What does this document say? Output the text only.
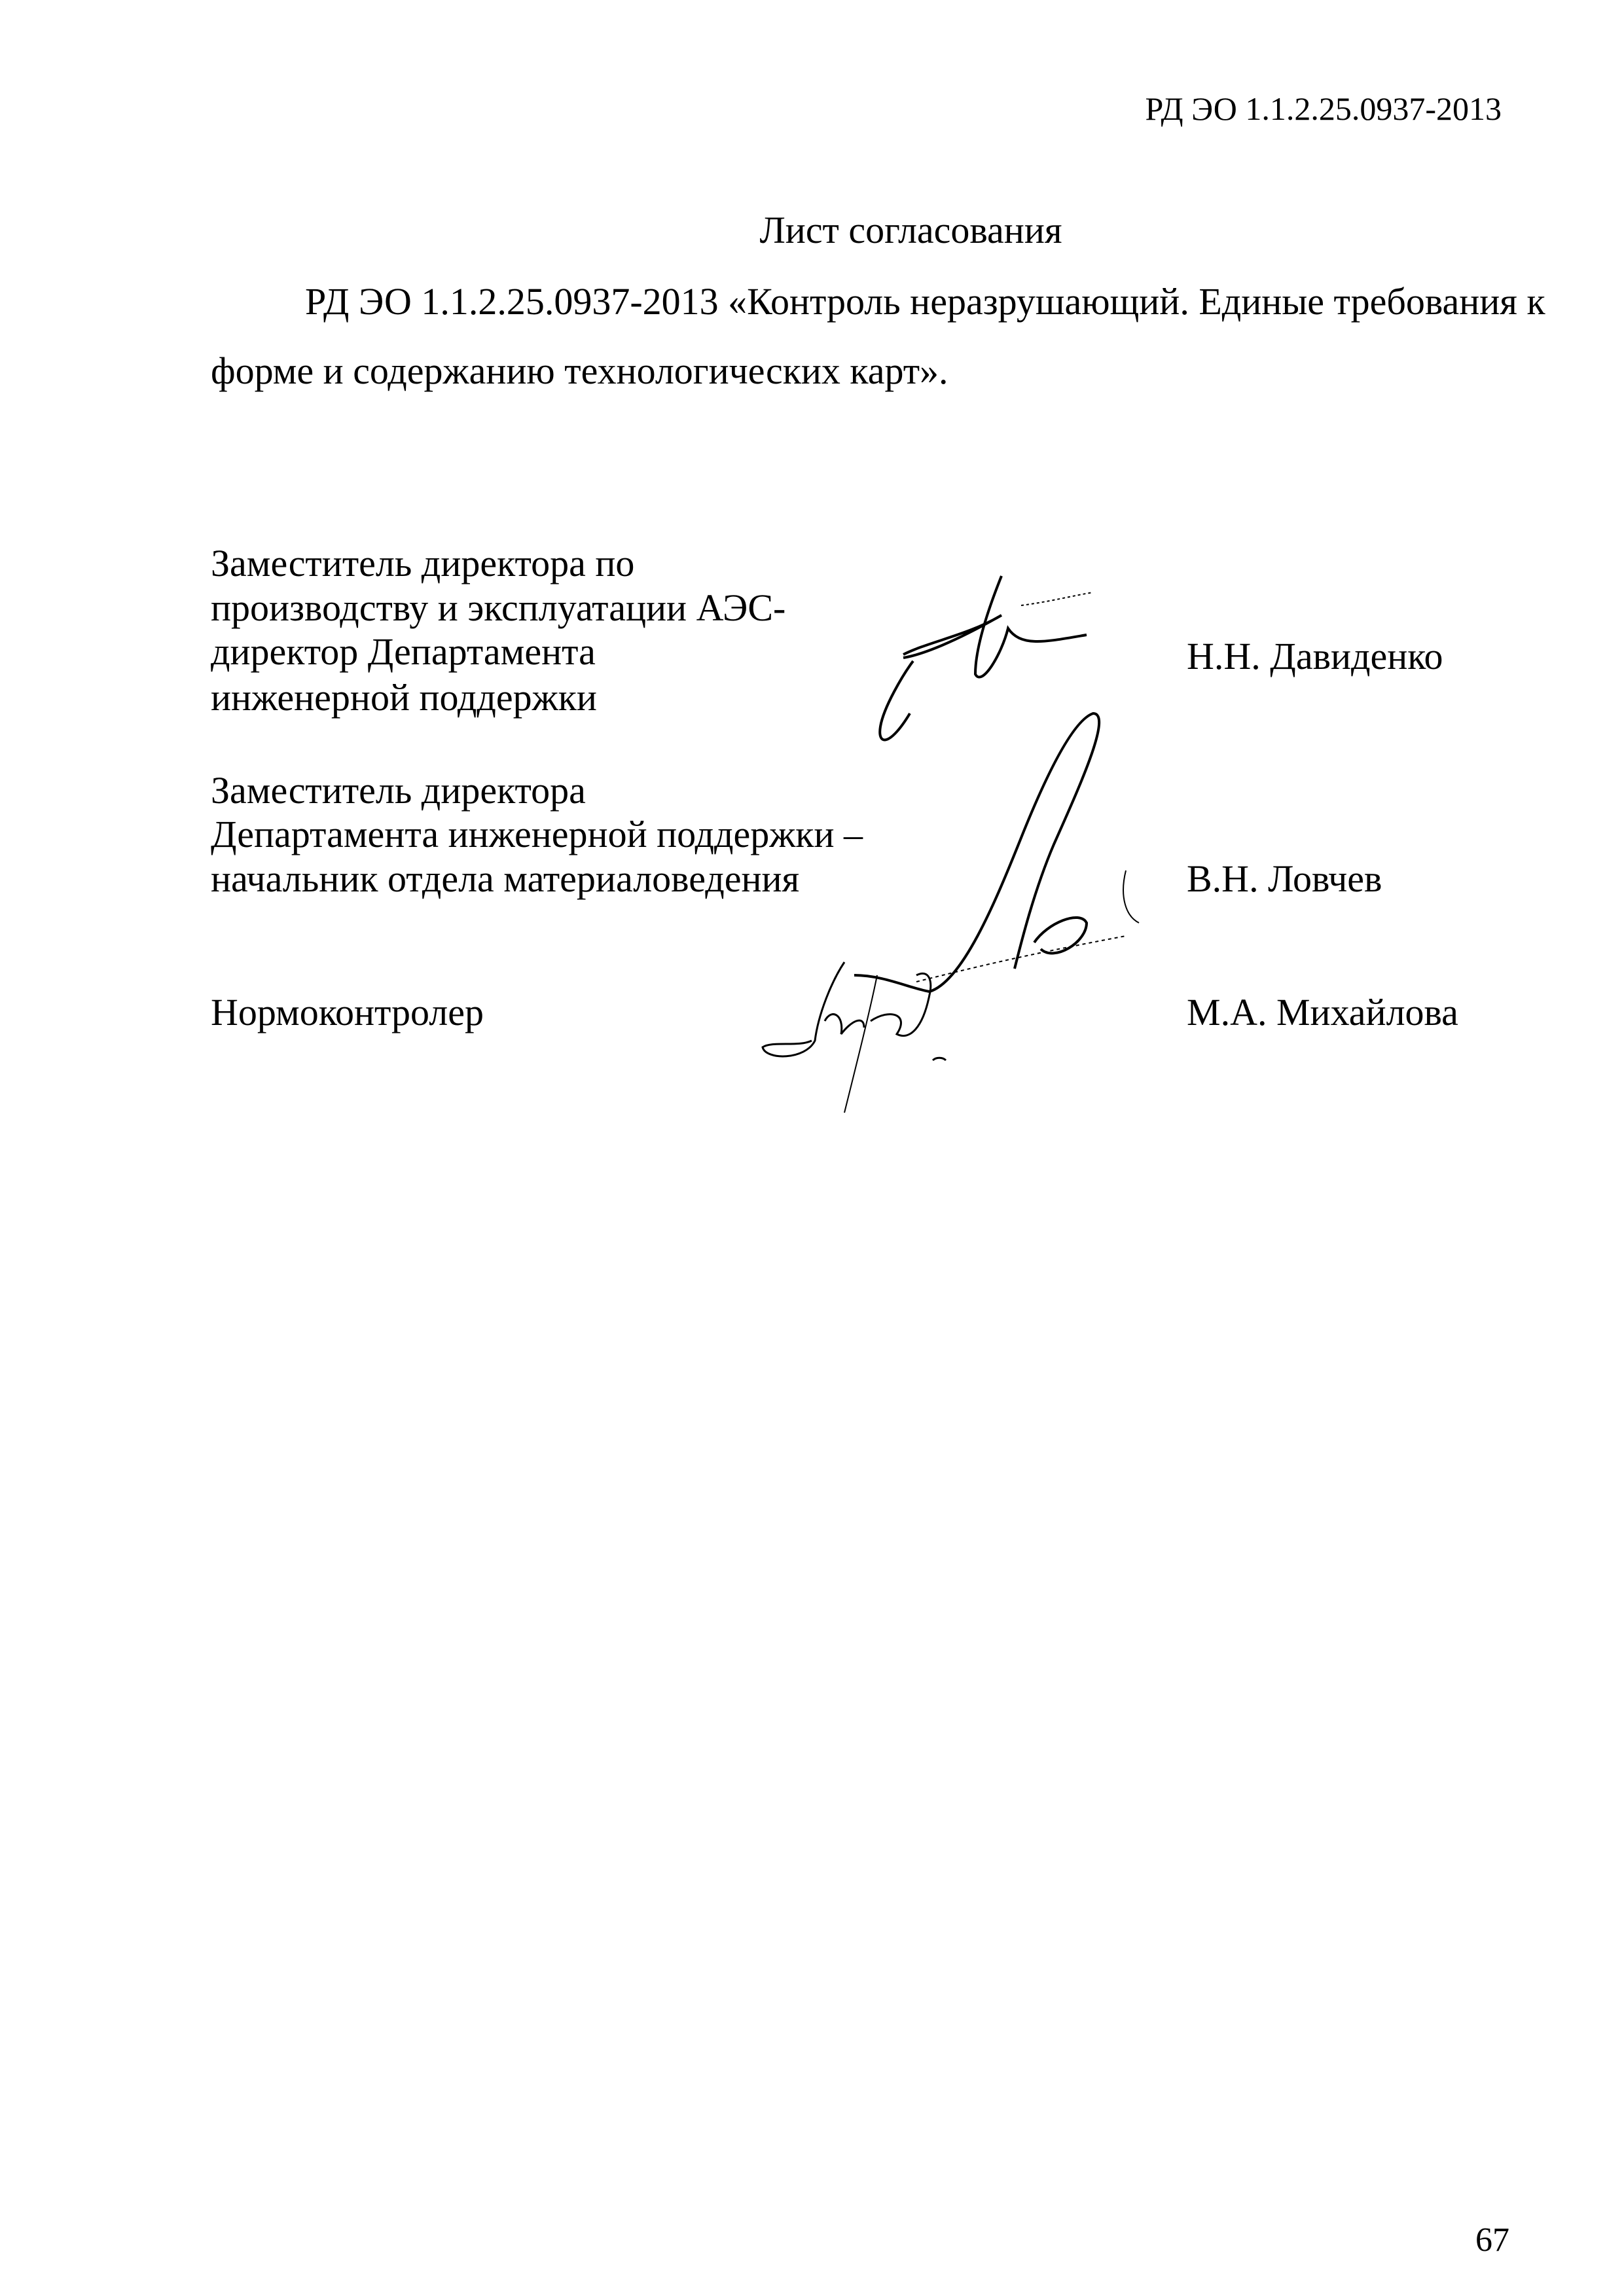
РД ЭО 1.1.2.25.0937-2013
Лист согласования
РД ЭО 1.1.2.25.0937-2013 «Контроль неразрушающий. Единые требования к
форме и содержанию технологических карт».
Заместитель директора по
производству и эксплуатации АЭС-
директор Департамента
инженерной поддержки
Н.Н. Давиденко
Заместитель директора
Департамента инженерной поддержки –
начальник отдела материаловедения	В.Н. Ловчев
Нормоконтролер	М.А. Михайлова
67
